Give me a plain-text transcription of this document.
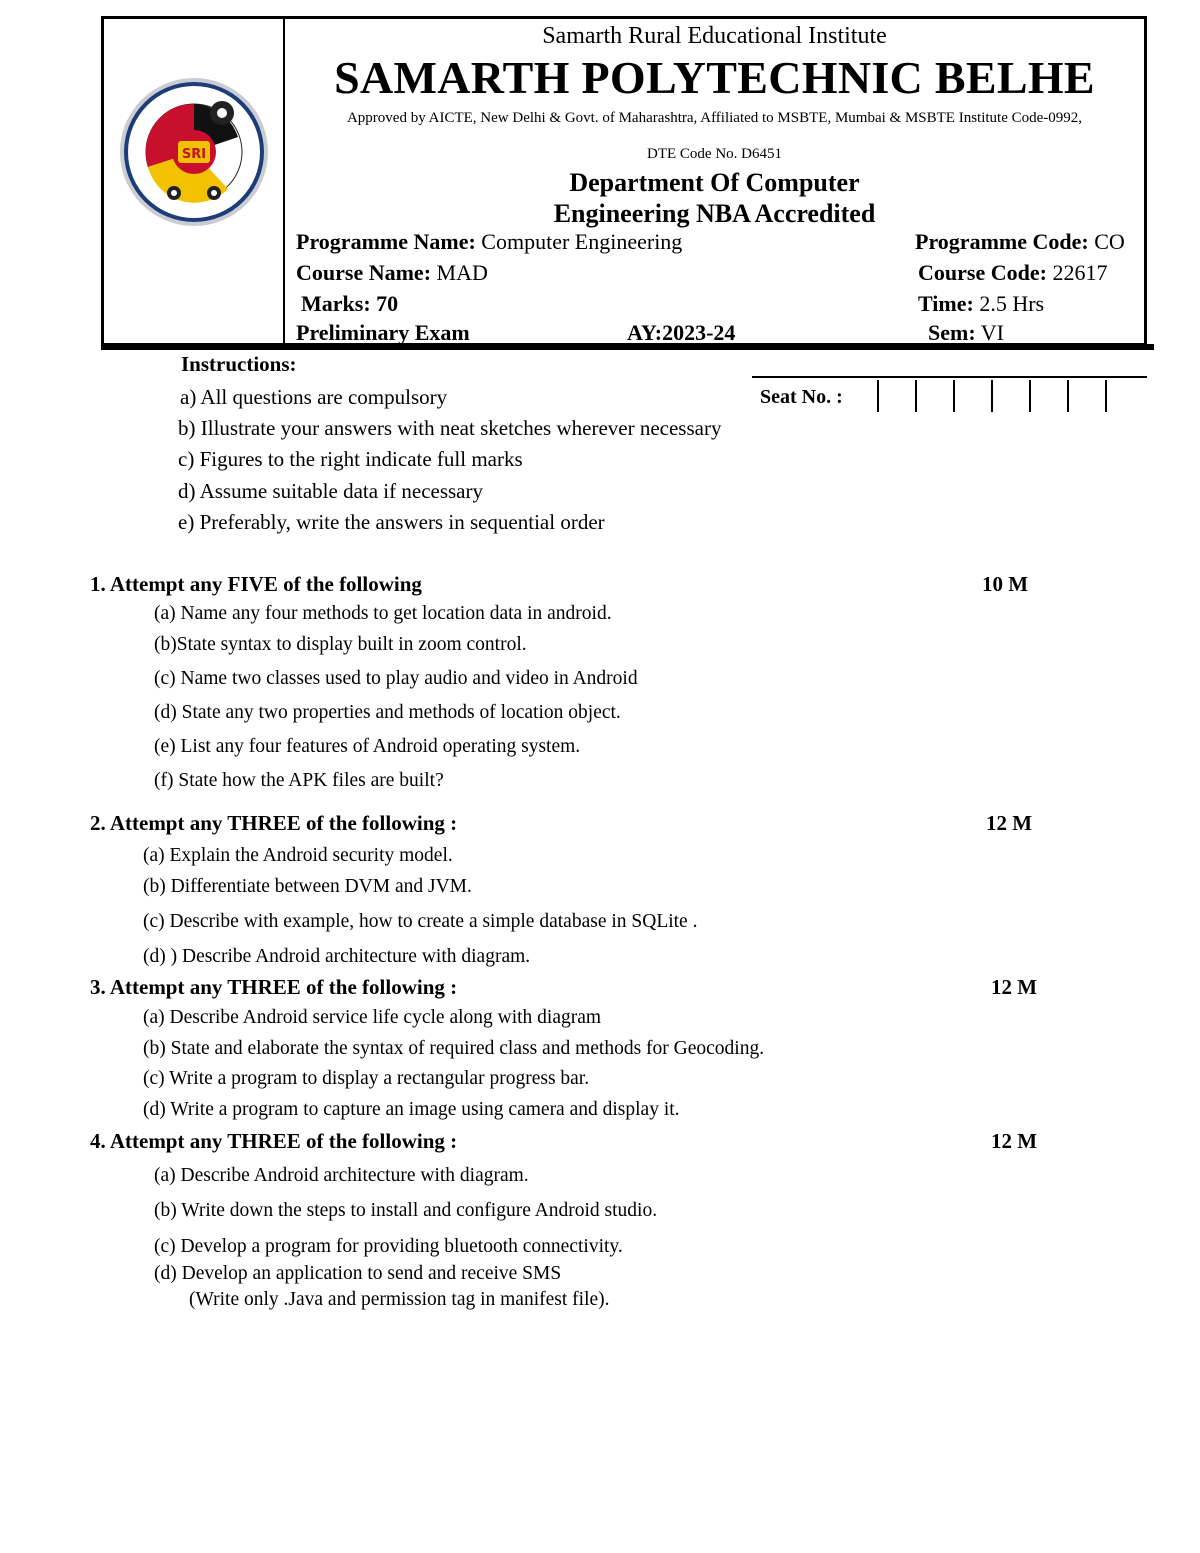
SRI
Samarth Rural Educational Institute
SAMARTH POLYTECHNIC BELHE
Approved by AICTE, New Delhi & Govt. of Maharashtra, Affiliated to MSBTE, Mumbai & MSBTE Institute Code-0992,
DTE Code No. D6451
Department Of Computer
Engineering NBA Accredited
Programme Name: Computer Engineering	Programme Code: CO
Course Name: MAD	Course Code: 22617
Marks: 70	Time: 2.5 Hrs
Preliminary Exam	AY:2023-24	Sem: VI
Instructions:
a) All questions are compulsory
b) Illustrate your answers with neat sketches wherever necessary
c) Figures to the right indicate full marks
d) Assume suitable data if necessary
e) Preferably, write the answers in sequential order
Seat No. :
1. Attempt any FIVE of the following	10 M
(a) Name any four methods to get location data in android.
(b)State syntax to display built in zoom control.
(c) Name two classes used to play audio and video in Android
(d) State any two properties and methods of location object.
(e) List any four features of Android operating system.
(f) State how the APK files are built?
2. Attempt any THREE of the following :	12 M
(a) Explain the Android security model.
(b) Differentiate between DVM and JVM.
(c) Describe with example, how to create a simple database in SQLite .
(d) ) Describe Android architecture with diagram.
3. Attempt any THREE of the following :	12 M
(a) Describe Android service life cycle along with diagram
(b) State and elaborate the syntax of required class and methods for Geocoding.
(c) Write a program to display a rectangular progress bar.
(d) Write a program to capture an image using camera and display it.
4. Attempt any THREE of the following :	12 M
(a) Describe Android architecture with diagram.
(b) Write down the steps to install and configure Android studio.
(c) Develop a program for providing bluetooth connectivity.
(d) Develop an application to send and receive SMS
(Write only .Java and permission tag in manifest file).
